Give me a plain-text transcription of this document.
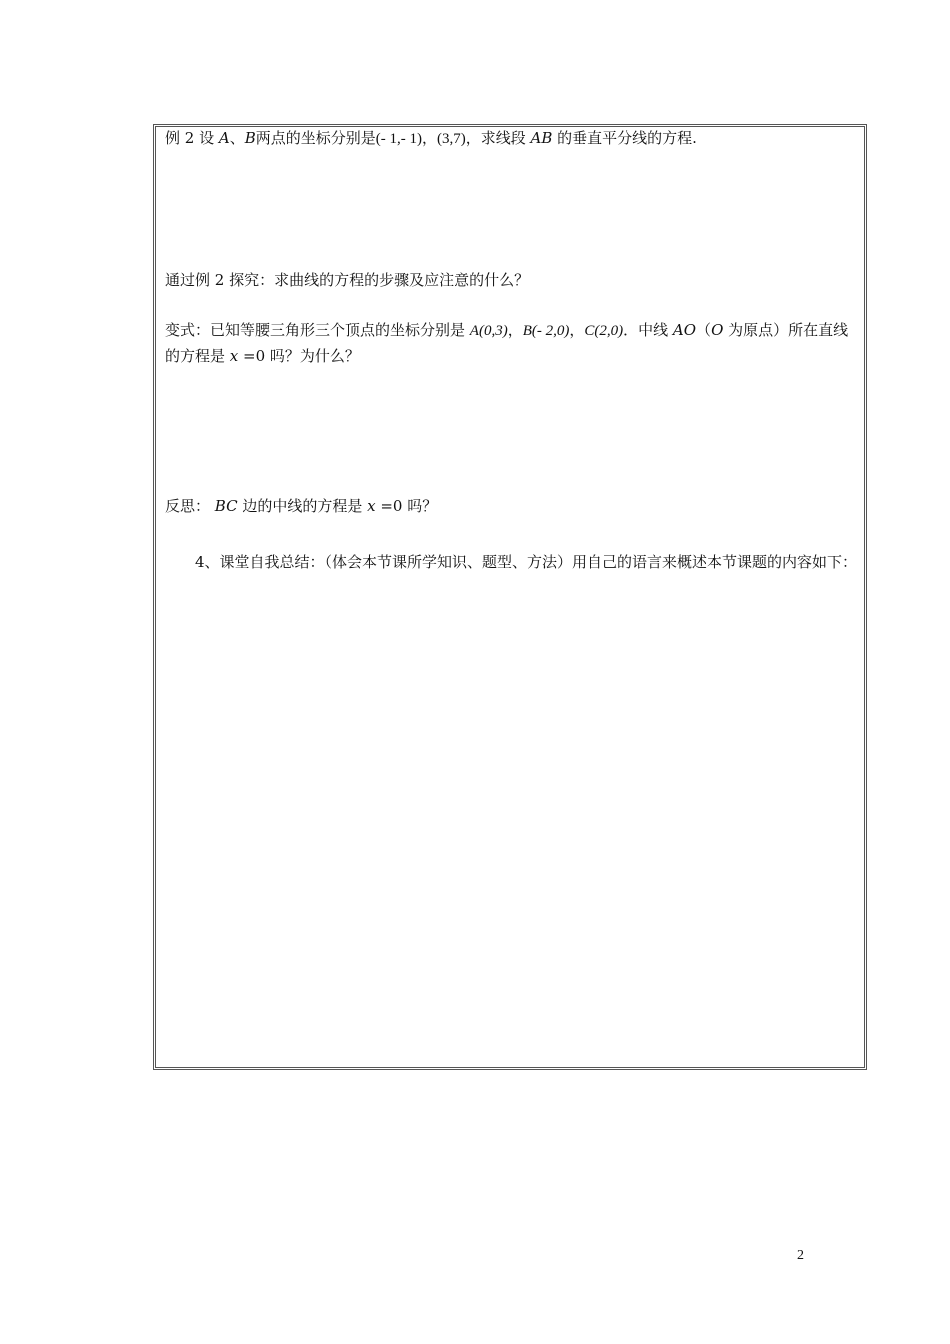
例 2 设 A、B两点的坐标分别是(- 1,- 1)，(3,7)，求线段 AB 的垂直平分线的方程.

通过例 2 探究：求曲线的方程的步骤及应注意的什么？

变式：已知等腰三角形三个顶点的坐标分别是 A(0,3)，B(- 2,0)，C(2,0)．中线 AO（O 为原点）所在直线的方程是 x =0 吗？为什么？

反思： BC 边的中线的方程是 x =0 吗？

4、课堂自我总结：（体会本节课所学知识、题型、方法）用自己的语言来概述本节课题的内容如下：

2
